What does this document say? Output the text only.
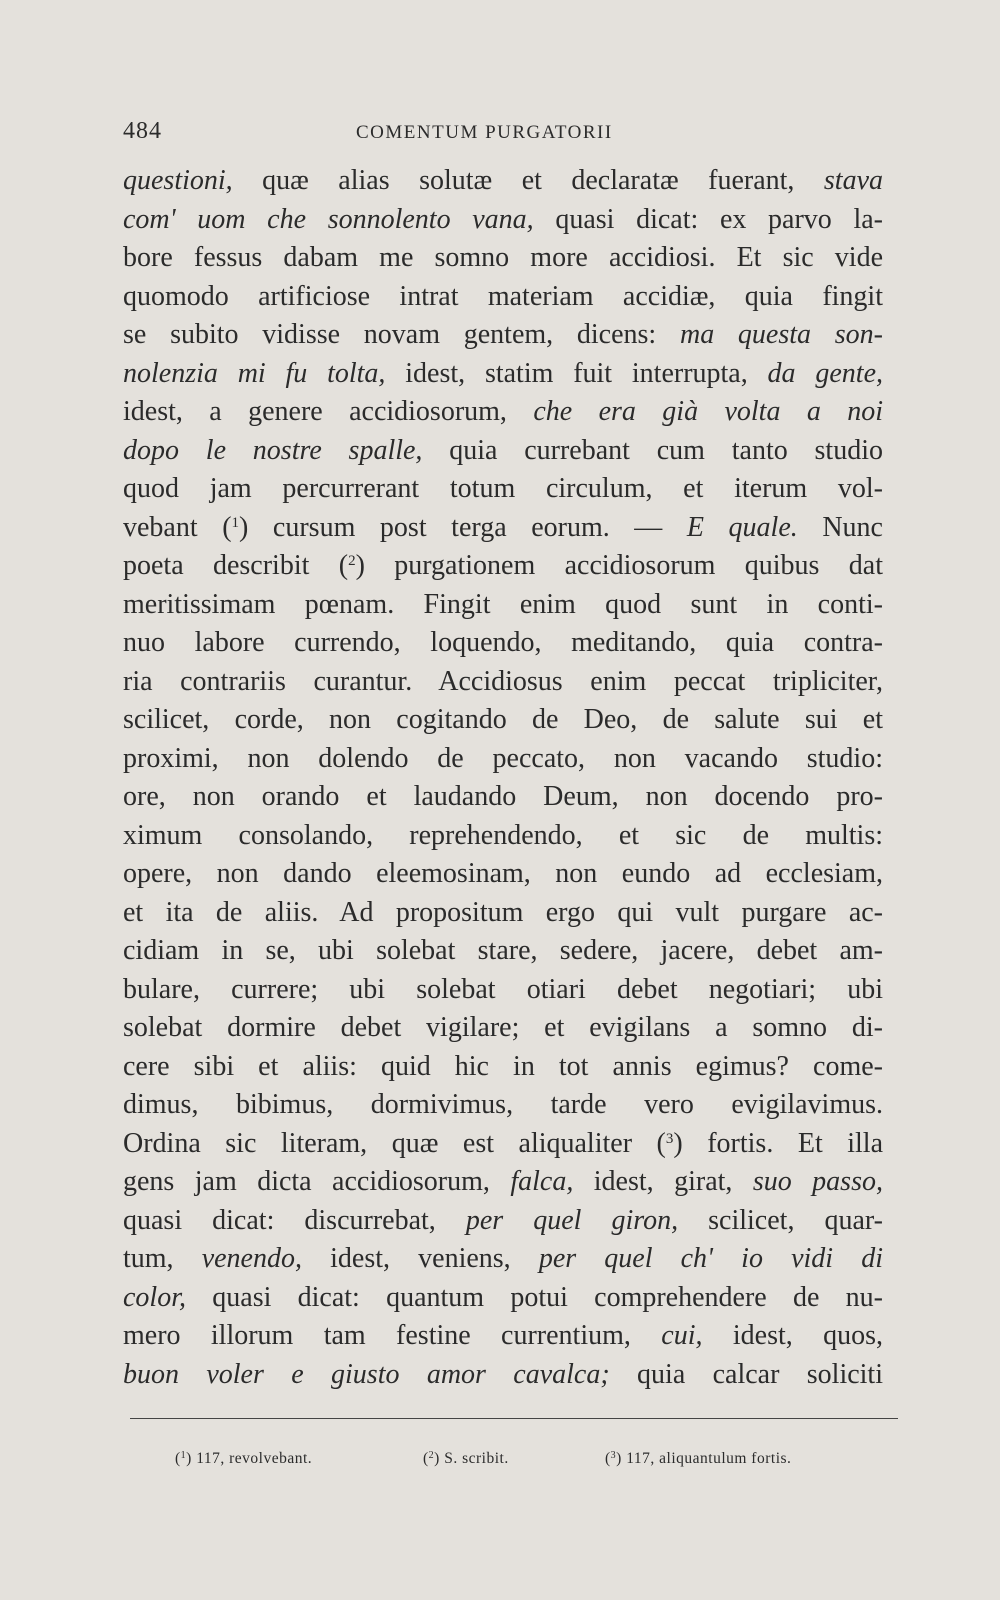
484	COMENTUM PURGATORII
questioni, quæ alias solutæ et declaratæ fuerant, stava
com' uom che sonnolento vana, quasi dicat: ex parvo la-
bore fessus dabam me somno more accidiosi. Et sic vide
quomodo artificiose intrat materiam accidiæ, quia fingit
se subito vidisse novam gentem, dicens: ma questa son-
nolenzia mi fu tolta, idest, statim fuit interrupta, da gente,
idest, a genere accidiosorum, che era già volta a noi
dopo le nostre spalle, quia currebant cum tanto studio
quod jam percurrerant totum circulum, et iterum vol-
vebant ($^1$) cursum post terga eorum. — E quale. Nunc
poeta describit ($^2$) purgationem accidiosorum quibus dat
meritissimam pœnam. Fingit enim quod sunt in conti-
nuo labore currendo, loquendo, meditando, quia contra-
ria contrariis curantur. Accidiosus enim peccat tripliciter,
scilicet, corde, non cogitando de Deo, de salute sui et
proximi, non dolendo de peccato, non vacando studio:
ore, non orando et laudando Deum, non docendo pro-
ximum consolando, reprehendendo, et sic de multis:
opere, non dando eleemosinam, non eundo ad ecclesiam,
et ita de aliis. Ad propositum ergo qui vult purgare ac-
cidiam in se, ubi solebat stare, sedere, jacere, debet am-
bulare, currere; ubi solebat otiari debet negotiari; ubi
solebat dormire debet vigilare; et evigilans a somno di-
cere sibi et aliis: quid hic in tot annis egimus? come-
dimus, bibimus, dormivimus, tarde vero evigilavimus.
Ordina sic literam, quæ est aliqualiter ($^3$) fortis. Et illa
gens jam dicta accidiosorum, falca, idest, girat, suo passo,
quasi dicat: discurrebat, per quel giron, scilicet, quar-
tum, venendo, idest, veniens, per quel ch' io vidi di
color, quasi dicat: quantum potui comprehendere de nu-
mero illorum tam festine currentium, cui, idest, quos,
buon voler e giusto amor cavalca; quia calcar soliciti
($^1$) 117, revolvebant.	($^2$) S. scribit.	($^3$) 117, aliquantulum fortis.
